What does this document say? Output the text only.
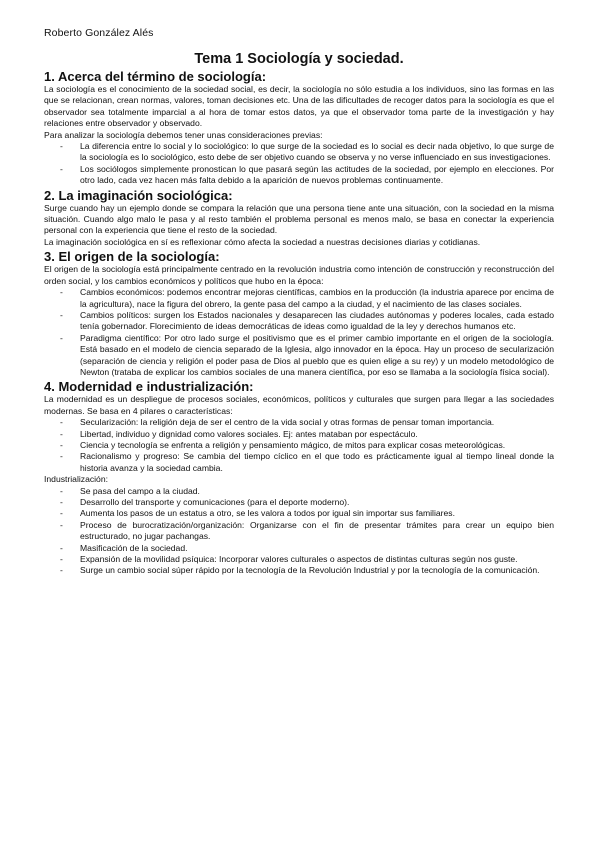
Roberto González Alés
Tema 1 Sociología y sociedad.
1. Acerca del término de sociología:

La sociología es el conocimiento de la sociedad social, es decir, la sociología no sólo estudia a los individuos, sino las formas en las que se relacionan, crean normas, valores, toman decisiones etc. Una de las dificultades de recoger datos para la sociología es que el observador sea totalmente imparcial a al hora de tomar estos datos, ya que el observador toma parte de la investigación y hay relaciones entre observador y observado.

Para analizar la sociología debemos tener unas consideraciones previas:

- La diferencia entre lo social y lo sociológico: lo que surge de la sociedad es lo social es decir nada objetivo, lo que surge de la sociología es lo sociológico, esto debe de ser objetivo cuando se observa y no verse influenciado en sus investigaciones.
- Los sociólogos simplemente pronostican lo que pasará según las actitudes de la sociedad, por ejemplo en elecciones. Por otro lado, cada vez hacen más falta debido a la aparición de nuevos problemas continuamente.
2. La imaginación sociológica:

Surge cuando hay un ejemplo donde se compara la relación que una persona tiene ante una situación, con la sociedad en la misma situación. Cuando algo malo le pasa y al resto también el problema personal es menos malo, se basa en conectar la experiencia personal con la experiencia que tiene el resto de la sociedad.

La imaginación sociológica en sí es reflexionar cómo afecta la sociedad a nuestras decisiones diarias y cotidianas.

3. El origen de la sociología:

El origen de la sociología está principalmente centrado en la revolución industria como intención de construcción y reconstrucción del orden social, y los cambios económicos y políticos que hubo en la época:

- Cambios económicos: podemos encontrar mejoras científicas, cambios en la producción (la industria aparece por encima de la agricultura), nace la figura del obrero, la gente pasa del campo a la ciudad, y el nacimiento de las clases sociales.
- Cambios políticos: surgen los Estados nacionales y desaparecen las ciudades autónomas y poderes locales, cada estado tenía gobernador. Florecimiento de ideas democráticas de ideas como igualdad de la ley y derechos humanos etc.
- Paradigma científico: Por otro lado surge el positivismo que es el primer cambio importante en el origen de la sociología. Está basado en el modelo de ciencia separado de la Iglesia, algo innovador en la época. Hay un proceso de secularización (separación de ciencia y religión el poder pasa de Dios al pueblo que es quien elige a su rey) y un modelo metodológico de Newton (trataba de explicar los cambios sociales de una manera científica, por eso se llamaba a la sociología física social).
4. Modernidad e industrialización:

La modernidad es un despliegue de procesos sociales, económicos, políticos y culturales que surgen para llegar a las sociedades modernas. Se basa en 4 pilares o características:

- Secularización: la religión deja de ser el centro de la vida social y otras formas de pensar toman importancia.
- Libertad, individuo y dignidad como valores sociales. Ej: antes mataban por espectáculo.
- Ciencia y tecnología se enfrenta a religión y pensamiento mágico, de mitos para explicar cosas meteorológicas.
- Racionalismo y progreso: Se cambia del tiempo cíclico en el que todo es prácticamente igual al tiempo lineal donde la historia avanza y la sociedad cambia.
Industrialización:
- Se pasa del campo a la ciudad.
- Desarrollo del transporte y comunicaciones (para el deporte moderno).
- Aumenta los pasos de un estatus a otro, se les valora a todos por igual sin importar sus familiares.
- Proceso de burocratización/organización: Organizarse con el fin de presentar trámites para crear un equipo bien estructurado, no jugar pachangas.
- Masificación de la sociedad.
- Expansión de la movilidad psíquica: Incorporar valores culturales o aspectos de distintas culturas según nos guste.
- Surge un cambio social súper rápido por la tecnología de la Revolución Industrial y por la tecnología de la comunicación.
